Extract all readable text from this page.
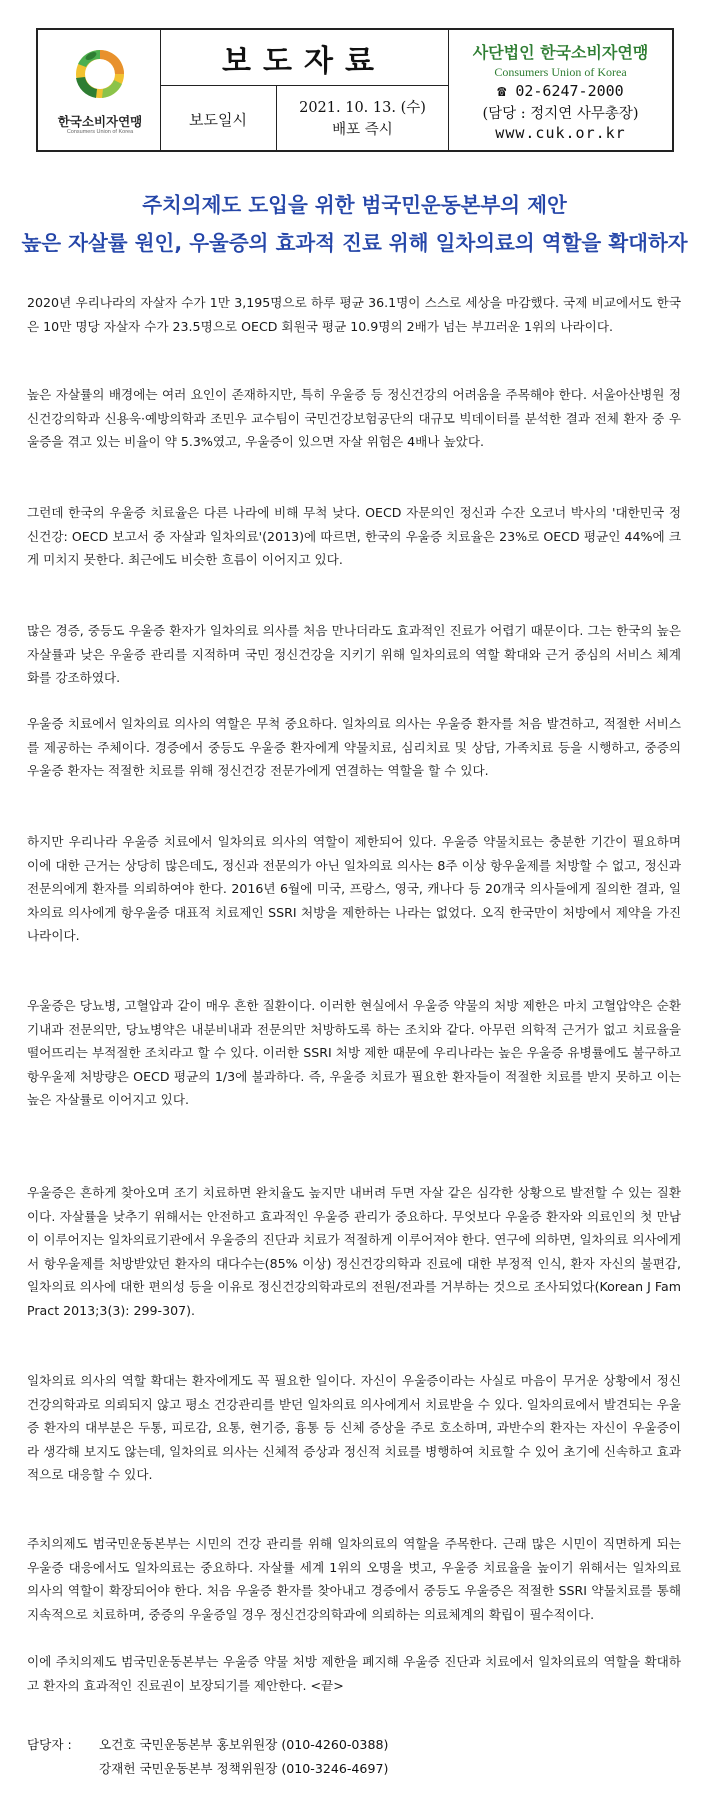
한국소비자연맹
Consumers Union of Korea
보도자료
보도일시
2021. 10. 13. (수)
배포 즉시
사단법인 한국소비자연맹
Consumers Union of Korea
☎ 02-6247-2000
(담당 : 정지연 사무총장)
www.cuk.or.kr
주치의제도 도입을 위한 범국민운동본부의 제안
높은 자살률 원인, 우울증의 효과적 진료 위해 일차의료의 역할을 확대하자

2020년 우리나라의 자살자 수가 1만 3,195명으로 하루 평균 36.1명이 스스로 세상을 마감했다. 국제 비교에서도 한국은 10만 명당 자살자 수가 23.5명으로 OECD 회원국 평균 10.9명의 2배가 넘는 부끄러운 1위의 나라이다.

높은 자살률의 배경에는 여러 요인이 존재하지만, 특히 우울증 등 정신건강의 어려움을 주목해야 한다. 서울아산병원 정신건강의학과 신용욱·예방의학과 조민우 교수팀이 국민건강보험공단의 대규모 빅데이터를 분석한 결과 전체 환자 중 우울증을 겪고 있는 비율이 약 5.3%였고, 우울증이 있으면 자살 위험은 4배나 높았다.

그런데 한국의 우울증 치료율은 다른 나라에 비해 무척 낮다. OECD 자문의인 정신과 수잔 오코너 박사의 '대한민국 정신건강: OECD 보고서 중 자살과 일차의료'(2013)에 따르면, 한국의 우울증 치료율은 23%로 OECD 평균인 44%에 크게 미치지 못한다. 최근에도 비슷한 흐름이 이어지고 있다.

많은 경증, 중등도 우울증 환자가 일차의료 의사를 처음 만나더라도 효과적인 진료가 어렵기 때문이다. 그는 한국의 높은 자살률과 낮은 우울증 관리를 지적하며 국민 정신건강을 지키기 위해 일차의료의 역할 확대와 근거 중심의 서비스 체계화를 강조하였다.

우울증 치료에서 일차의료 의사의 역할은 무척 중요하다. 일차의료 의사는 우울증 환자를 처음 발견하고, 적절한 서비스를 제공하는 주체이다. 경증에서 중등도 우울증 환자에게 약물치료, 심리치료 및 상담, 가족치료 등을 시행하고, 중증의 우울증 환자는 적절한 치료를 위해 정신건강 전문가에게 연결하는 역할을 할 수 있다.

하지만 우리나라 우울증 치료에서 일차의료 의사의 역할이 제한되어 있다. 우울증 약물치료는 충분한 기간이 필요하며 이에 대한 근거는 상당히 많은데도, 정신과 전문의가 아닌 일차의료 의사는 8주 이상 항우울제를 처방할 수 없고, 정신과 전문의에게 환자를 의뢰하여야 한다. 2016년 6월에 미국, 프랑스, 영국, 캐나다 등 20개국 의사들에게 질의한 결과, 일차의료 의사에게 항우울증 대표적 치료제인 SSRI 처방을 제한하는 나라는 없었다. 오직 한국만이 처방에서 제약을 가진 나라이다.

우울증은 당뇨병, 고혈압과 같이 매우 흔한 질환이다. 이러한 현실에서 우울증 약물의 처방 제한은 마치 고혈압약은 순환기내과 전문의만, 당뇨병약은 내분비내과 전문의만 처방하도록 하는 조치와 같다. 아무런 의학적 근거가 없고 치료율을 떨어뜨리는 부적절한 조치라고 할 수 있다. 이러한 SSRI 처방 제한 때문에 우리나라는 높은 우울증 유병률에도 불구하고 항우울제 처방량은 OECD 평균의 1/3에 불과하다. 즉, 우울증 치료가 필요한 환자들이 적절한 치료를 받지 못하고 이는 높은 자살률로 이어지고 있다.

우울증은 흔하게 찾아오며 조기 치료하면 완치율도 높지만 내버려 두면 자살 같은 심각한 상황으로 발전할 수 있는 질환이다. 자살률을 낮추기 위해서는 안전하고 효과적인 우울증 관리가 중요하다. 무엇보다 우울증 환자와 의료인의 첫 만남이 이루어지는 일차의료기관에서 우울증의 진단과 치료가 적절하게 이루어져야 한다. 연구에 의하면, 일차의료 의사에게서 항우울제를 처방받았던 환자의 대다수는(85% 이상) 정신건강의학과 진료에 대한 부정적 인식, 환자 자신의 불편감, 일차의료 의사에 대한 편의성 등을 이유로 정신건강의학과로의 전원/전과를 거부하는 것으로 조사되었다(Korean J Fam Pract 2013;3(3): 299-307).

일차의료 의사의 역할 확대는 환자에게도 꼭 필요한 일이다. 자신이 우울증이라는 사실로 마음이 무거운 상황에서 정신건강의학과로 의뢰되지 않고 평소 건강관리를 받던 일차의료 의사에게서 치료받을 수 있다. 일차의료에서 발견되는 우울증 환자의 대부분은 두통, 피로감, 요통, 현기증, 흉통 등 신체 증상을 주로 호소하며, 과반수의 환자는 자신이 우울증이라 생각해 보지도 않는데, 일차의료 의사는 신체적 증상과 정신적 치료를 병행하여 치료할 수 있어 초기에 신속하고 효과적으로 대응할 수 있다.

주치의제도 범국민운동본부는 시민의 건강 관리를 위해 일차의료의 역할을 주목한다. 근래 많은 시민이 직면하게 되는 우울증 대응에서도 일차의료는 중요하다. 자살률 세계 1위의 오명을 벗고, 우울증 치료율을 높이기 위해서는 일차의료 의사의 역할이 확장되어야 한다. 처음 우울증 환자를 찾아내고 경증에서 중등도 우울증은 적절한 SSRI 약물치료를 통해 지속적으로 치료하며, 중증의 우울증일 경우 정신건강의학과에 의뢰하는 의료체계의 확립이 필수적이다.

이에 주치의제도 범국민운동본부는 우울증 약물 처방 제한을 폐지해 우울증 진단과 치료에서 일차의료의 역할을 확대하고 환자의 효과적인 진료권이 보장되기를 제안한다. <끝>

담당자 :	오건호 국민운동본부 홍보위원장 (010-4260-0388)
강재헌 국민운동본부 정책위원장 (010-3246-4697)
